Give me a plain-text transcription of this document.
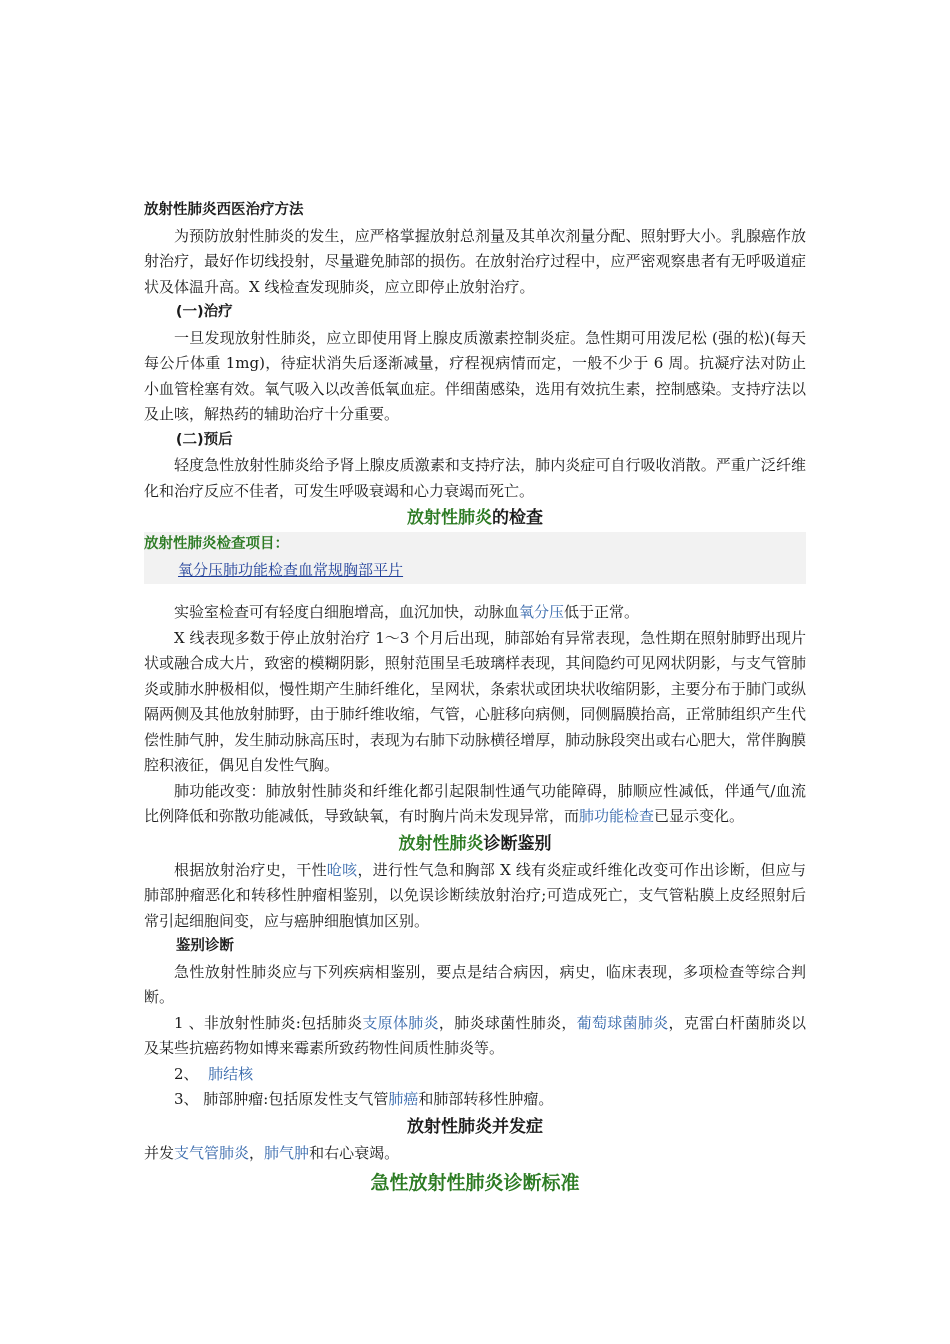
放射性肺炎西医治疗方法

为预防放射性肺炎的发生，应严格掌握放射总剂量及其单次剂量分配、照射野大小。乳腺癌作放射治疗，最好作切线投射，尽量避免肺部的损伤。在放射治疗过程中，应严密观察患者有无呼吸道症状及体温升高。X 线检查发现肺炎，应立即停止放射治疗。

(一)治疗

一旦发现放射性肺炎，应立即使用肾上腺皮质激素控制炎症。急性期可用泼尼松 (强的松)(每天每公斤体重 1mg)，待症状消失后逐渐减量，疗程视病情而定，一般不少于 6 周。抗凝疗法对防止小血管栓塞有效。氧气吸入以改善低氧血症。伴细菌感染，选用有效抗生素，控制感染。支持疗法以及止咳，解热药的辅助治疗十分重要。

(二)预后

轻度急性放射性肺炎给予肾上腺皮质激素和支持疗法，肺内炎症可自行吸收消散。严重广泛纤维化和治疗反应不佳者，可发生呼吸衰竭和心力衰竭而死亡。

放射性肺炎的检查

放射性肺炎检查项目：
氧分压肺功能检查血常规胸部平片

实验室检查可有轻度白细胞增高，血沉加快，动脉血氧分压低于正常。

X 线表现多数于停止放射治疗 1～3 个月后出现，肺部始有异常表现，急性期在照射肺野出现片状或融合成大片，致密的模糊阴影，照射范围呈毛玻璃样表现，其间隐约可见网状阴影，与支气管肺炎或肺水肿极相似，慢性期产生肺纤维化，呈网状，条索状或团块状收缩阴影，主要分布于肺门或纵隔两侧及其他放射肺野，由于肺纤维收缩，气管，心脏移向病侧，同侧膈膜抬高，正常肺组织产生代偿性肺气肿，发生肺动脉高压时，表现为右肺下动脉横径增厚，肺动脉段突出或右心肥大，常伴胸膜腔积液征，偶见自发性气胸。

肺功能改变：肺放射性肺炎和纤维化都引起限制性通气功能障碍，肺顺应性减低，伴通气/血流比例降低和弥散功能减低，导致缺氧，有时胸片尚未发现异常，而肺功能检查已显示变化。

放射性肺炎诊断鉴别

根据放射治疗史，干性呛咳，进行性气急和胸部 X 线有炎症或纤维化改变可作出诊断，但应与肺部肿瘤恶化和转移性肿瘤相鉴别，以免误诊断续放射治疗;可造成死亡，支气管粘膜上皮经照射后常引起细胞间变，应与癌肿细胞慎加区别。

鉴别诊断

急性放射性肺炎应与下列疾病相鉴别，要点是结合病因，病史，临床表现，多项检查等综合判断。

1 、非放射性肺炎:包括肺炎支原体肺炎，肺炎球菌性肺炎，葡萄球菌肺炎，克雷白杆菌肺炎以及某些抗癌药物如博来霉素所致药物性间质性肺炎等。

2、 肺结核

3、 肺部肿瘤:包括原发性支气管肺癌和肺部转移性肿瘤。

放射性肺炎并发症

并发支气管肺炎，肺气肿和右心衰竭。

急性放射性肺炎诊断标准
